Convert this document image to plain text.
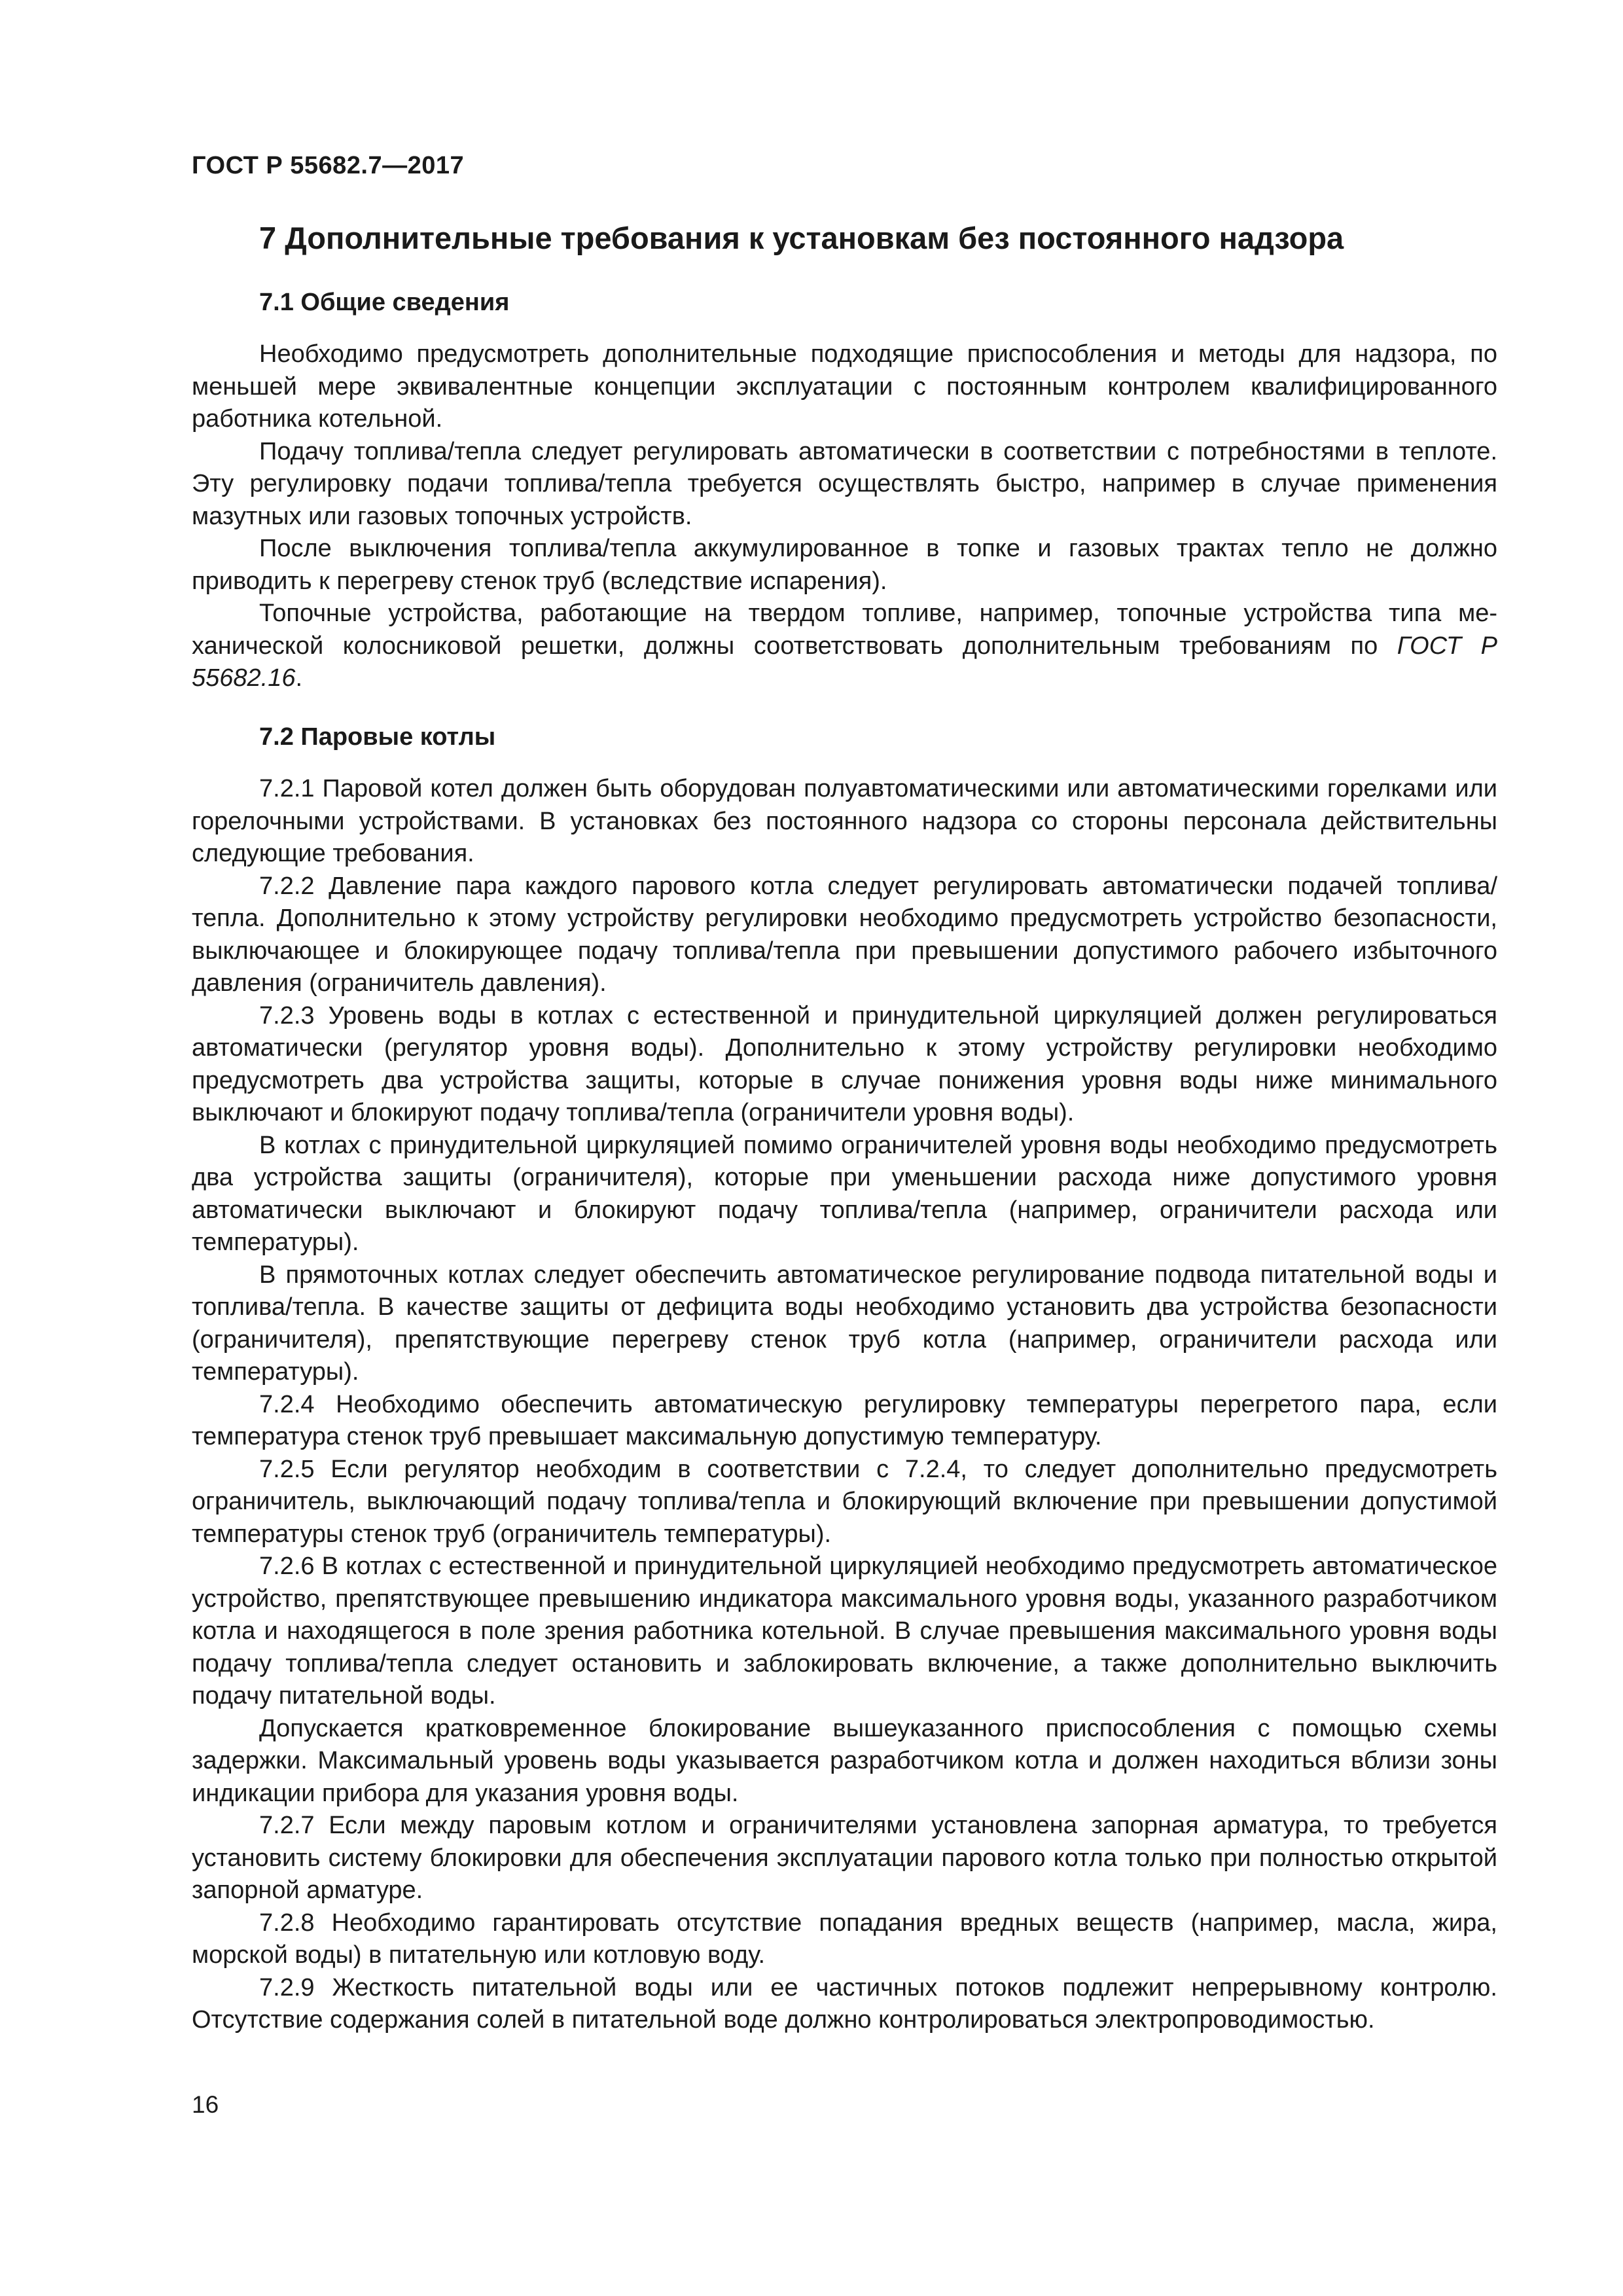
ГОСТ Р 55682.7—2017

7 Дополнительные требования к установкам без постоянного надзора
7.1 Общие сведения

Необходимо предусмотреть дополнительные подходящие приспособления и методы для надзора, по меньшей мере эквивалентные концепции эксплуатации с постоянным контролем квалифицированного работника котельной.

Подачу топлива/тепла следует регулировать автоматически в соответствии с потребностями в теплоте. Эту регулировку подачи топлива/тепла требуется осуществлять быстро, например в случае применения мазутных или газовых топочных устройств.

После выключения топлива/тепла аккумулированное в топке и газовых трактах тепло не должно приводить к перегреву стенок труб (вследствие испарения).

Топочные устройства, работающие на твердом топливе, например, топочные устройства типа механической колосниковой решетки, должны соответствовать дополнительным требованиям по ГОСТ Р 55682.16.

7.2 Паровые котлы

7.2.1 Паровой котел должен быть оборудован полуавтоматическими или автоматическими горелками или горелочными устройствами. В установках без постоянного надзора со стороны персонала действительны следующие требования.

7.2.2 Давление пара каждого парового котла следует регулировать автоматически подачей топлива/тепла. Дополнительно к этому устройству регулировки необходимо предусмотреть устройство безопасности, выключающее и блокирующее подачу топлива/тепла при превышении допустимого рабочего избыточного давления (ограничитель давления).

7.2.3 Уровень воды в котлах с естественной и принудительной циркуляцией должен регулироваться автоматически (регулятор уровня воды). Дополнительно к этому устройству регулировки необходимо предусмотреть два устройства защиты, которые в случае понижения уровня воды ниже минимального выключают и блокируют подачу топлива/тепла (ограничители уровня воды).

В котлах с принудительной циркуляцией помимо ограничителей уровня воды необходимо предусмотреть два устройства защиты (ограничителя), которые при уменьшении расхода ниже допустимого уровня автоматически выключают и блокируют подачу топлива/тепла (например, ограничители расхода или температуры).

В прямоточных котлах следует обеспечить автоматическое регулирование подвода питательной воды и топлива/тепла. В качестве защиты от дефицита воды необходимо установить два устройства безопасности (ограничителя), препятствующие перегреву стенок труб котла (например, ограничители расхода или температуры).

7.2.4 Необходимо обеспечить автоматическую регулировку температуры перегретого пара, если температура стенок труб превышает максимальную допустимую температуру.

7.2.5 Если регулятор необходим в соответствии с 7.2.4, то следует дополнительно предусмотреть ограничитель, выключающий подачу топлива/тепла и блокирующий включение при превышении допустимой температуры стенок труб (ограничитель температуры).

7.2.6 В котлах с естественной и принудительной циркуляцией необходимо предусмотреть автоматическое устройство, препятствующее превышению индикатора максимального уровня воды, указанного разработчиком котла и находящегося в поле зрения работника котельной. В случае превышения максимального уровня воды подачу топлива/тепла следует остановить и заблокировать включение, а также дополнительно выключить подачу питательной воды.

Допускается кратковременное блокирование вышеуказанного приспособления с помощью схемы задержки. Максимальный уровень воды указывается разработчиком котла и должен находиться вблизи зоны индикации прибора для указания уровня воды.

7.2.7 Если между паровым котлом и ограничителями установлена запорная арматура, то требуется установить систему блокировки для обеспечения эксплуатации парового котла только при полностью открытой запорной арматуре.

7.2.8 Необходимо гарантировать отсутствие попадания вредных веществ (например, масла, жира, морской воды) в питательную или котловую воду.

7.2.9 Жесткость питательной воды или ее частичных потоков подлежит непрерывному контролю. Отсутствие содержания солей в питательной воде должно контролироваться электропроводимостью.

16
